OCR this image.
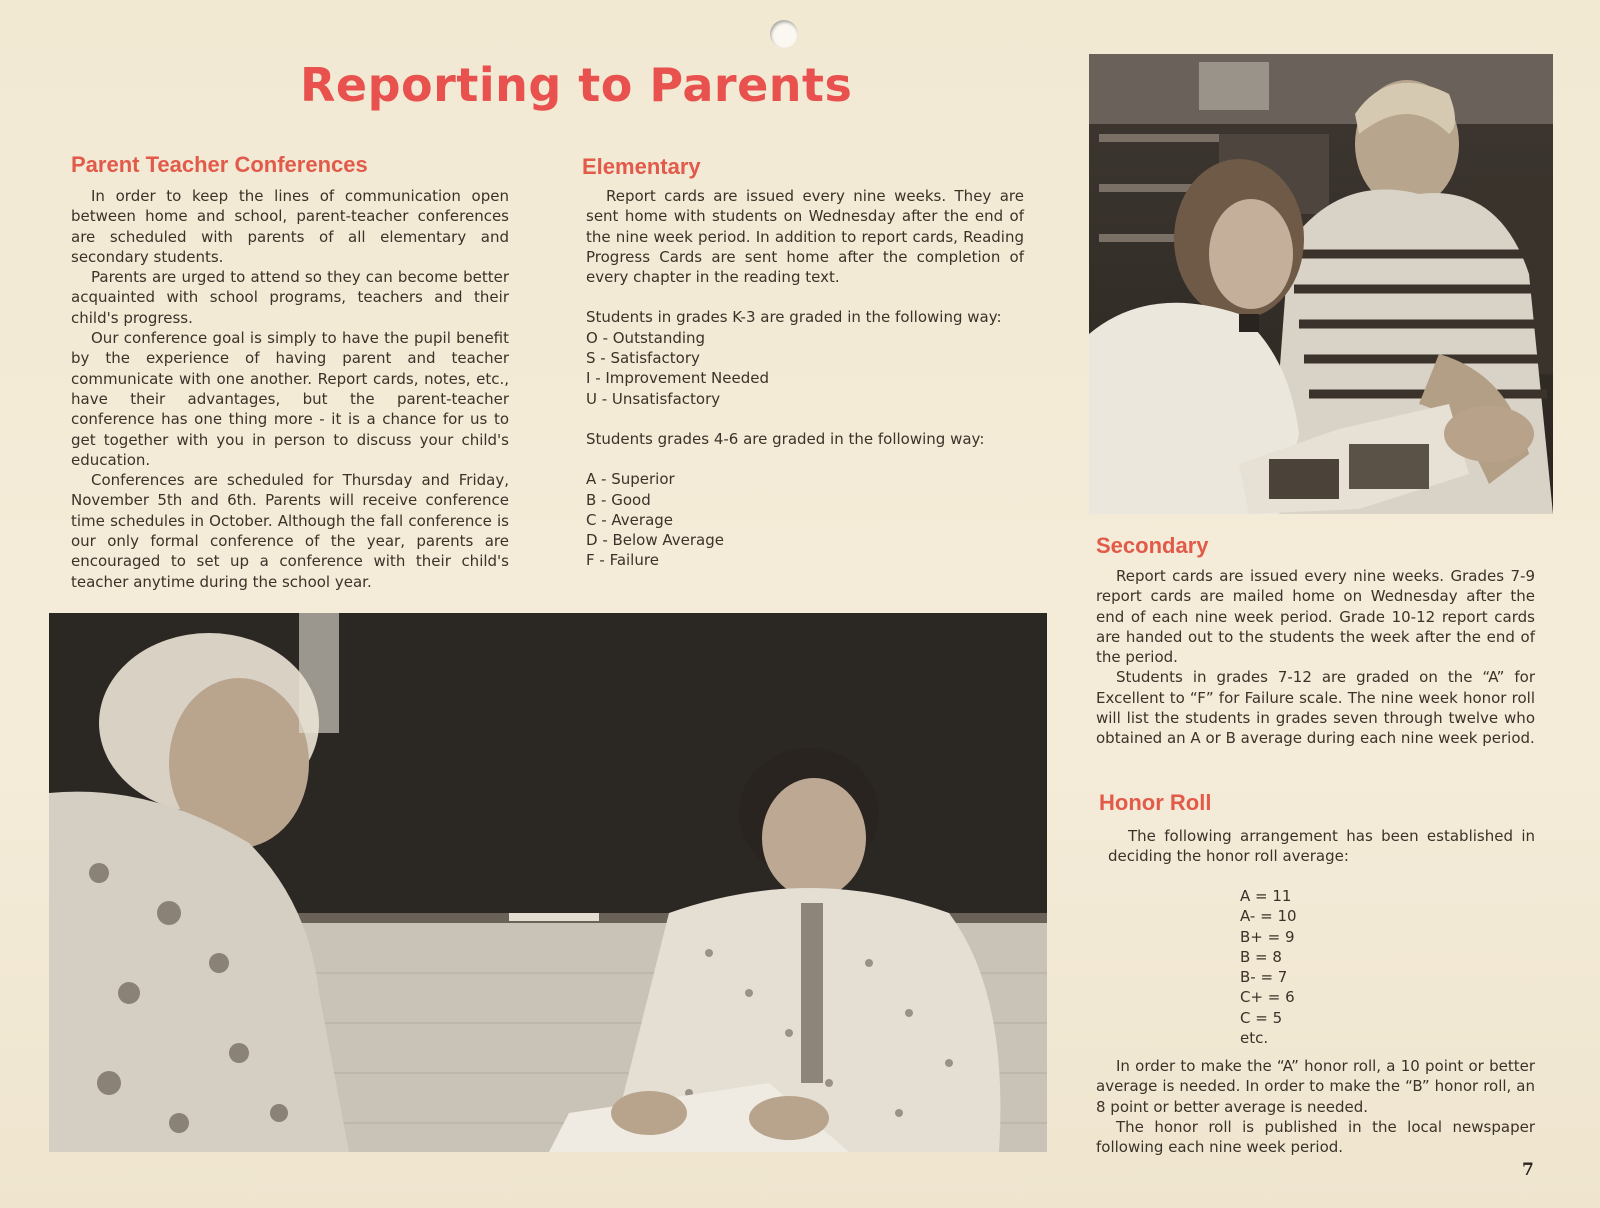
Reporting to Parents
Parent Teacher Conferences

In order to keep the lines of communication open between home and school, parent-teacher conferences are scheduled with parents of all elementary and secondary students.

Parents are urged to attend so they can become better acquainted with school programs, teachers and their child's progress.

Our conference goal is simply to have the pupil benefit by the experience of having parent and teacher communicate with one another. Report cards, notes, etc., have their advantages, but the parent-teacher conference has one thing more - it is a chance for us to get together with you in person to discuss your child's education.

Conferences are scheduled for Thursday and Friday, November 5th and 6th. Parents will receive conference time schedules in October. Although the fall conference is our only formal conference of the year, parents are encouraged to set up a conference with their child's teacher anytime during the school year.

Elementary

Report cards are issued every nine weeks. They are sent home with students on Wednesday after the end of the nine week period. In addition to report cards, Reading Progress Cards are sent home after the completion of every chapter in the reading text.

Students in grades K-3 are graded in the following way:

O - Outstanding
S - Satisfactory
I - Improvement Needed
U - Unsatisfactory

Students grades 4-6 are graded in the following way:

A - Superior
B - Good
C - Average
D - Below Average
F - Failure
Secondary

Report cards are issued every nine weeks. Grades 7-9 report cards are mailed home on Wednesday after the end of each nine week period. Grade 10-12 report cards are handed out to the students the week after the end of the period.

Students in grades 7-12 are graded on the “A” for Excellent to “F” for Failure scale. The nine week honor roll will list the students in grades seven through twelve who obtained an A or B average during each nine week period.

Honor Roll

The following arrangement has been established in deciding the honor roll average:

A = 11
A- = 10
B+ = 9
B = 8
B- = 7
C+ = 6
C = 5
etc.

In order to make the “A” honor roll, a 10 point or better average is needed. In order to make the “B” honor roll, an 8 point or better average is needed.

The honor roll is published in the local newspaper following each nine week period.

7
